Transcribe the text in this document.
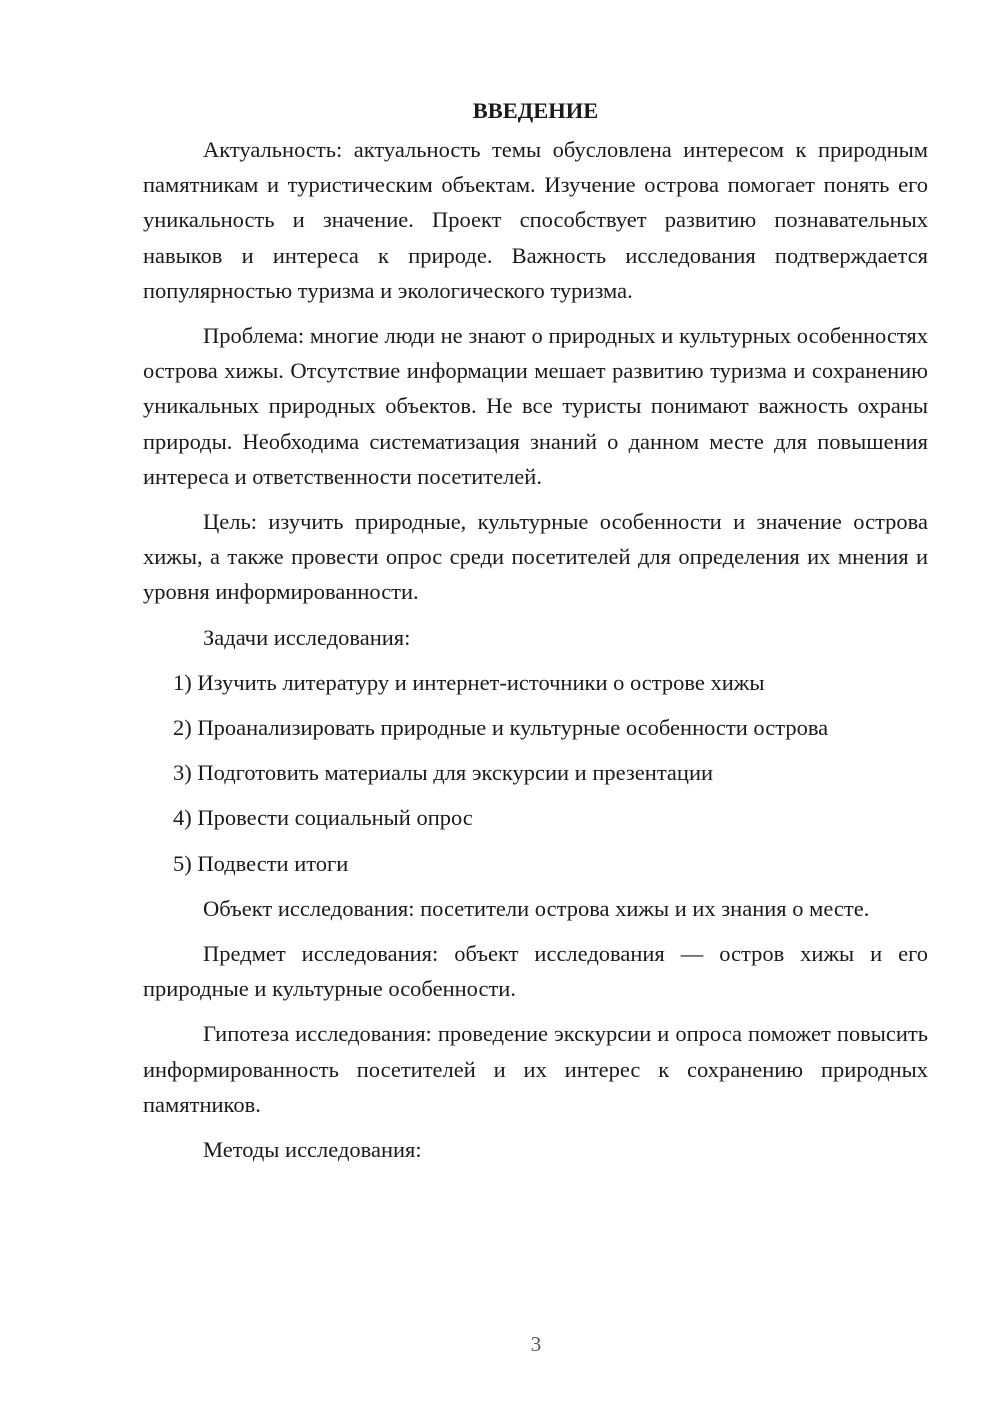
ВВЕДЕНИЕ

Актуальность: актуальность темы обусловлена интересом к природным памятникам и туристическим объектам. Изучение острова помогает понять его уникальность и значение. Проект способствует развитию познавательных навыков и интереса к природе. Важность исследования подтверждается популярностью туризма и экологического туризма.

Проблема: многие люди не знают о природных и культурных особенностях острова хижы. Отсутствие информации мешает развитию туризма и сохранению уникальных природных объектов. Не все туристы понимают важность охраны природы. Необходима систематизация знаний о данном месте для повышения интереса и ответственности посетителей.

Цель: изучить природные, культурные особенности и значение острова хижы, а также провести опрос среди посетителей для определения их мнения и уровня информированности.

Задачи исследования:
1) Изучить литературу и интернет-источники о острове хижы
2) Проанализировать природные и культурные особенности острова
3) Подготовить материалы для экскурсии и презентации
4) Провести социальный опрос
5) Подвести итоги

Объект исследования: посетители острова хижы и их знания о месте.

Предмет исследования: объект исследования — остров хижы и его природные и культурные особенности.

Гипотеза исследования: проведение экскурсии и опроса поможет повысить информированность посетителей и их интерес к сохранению природных памятников.

Методы исследования:

3
